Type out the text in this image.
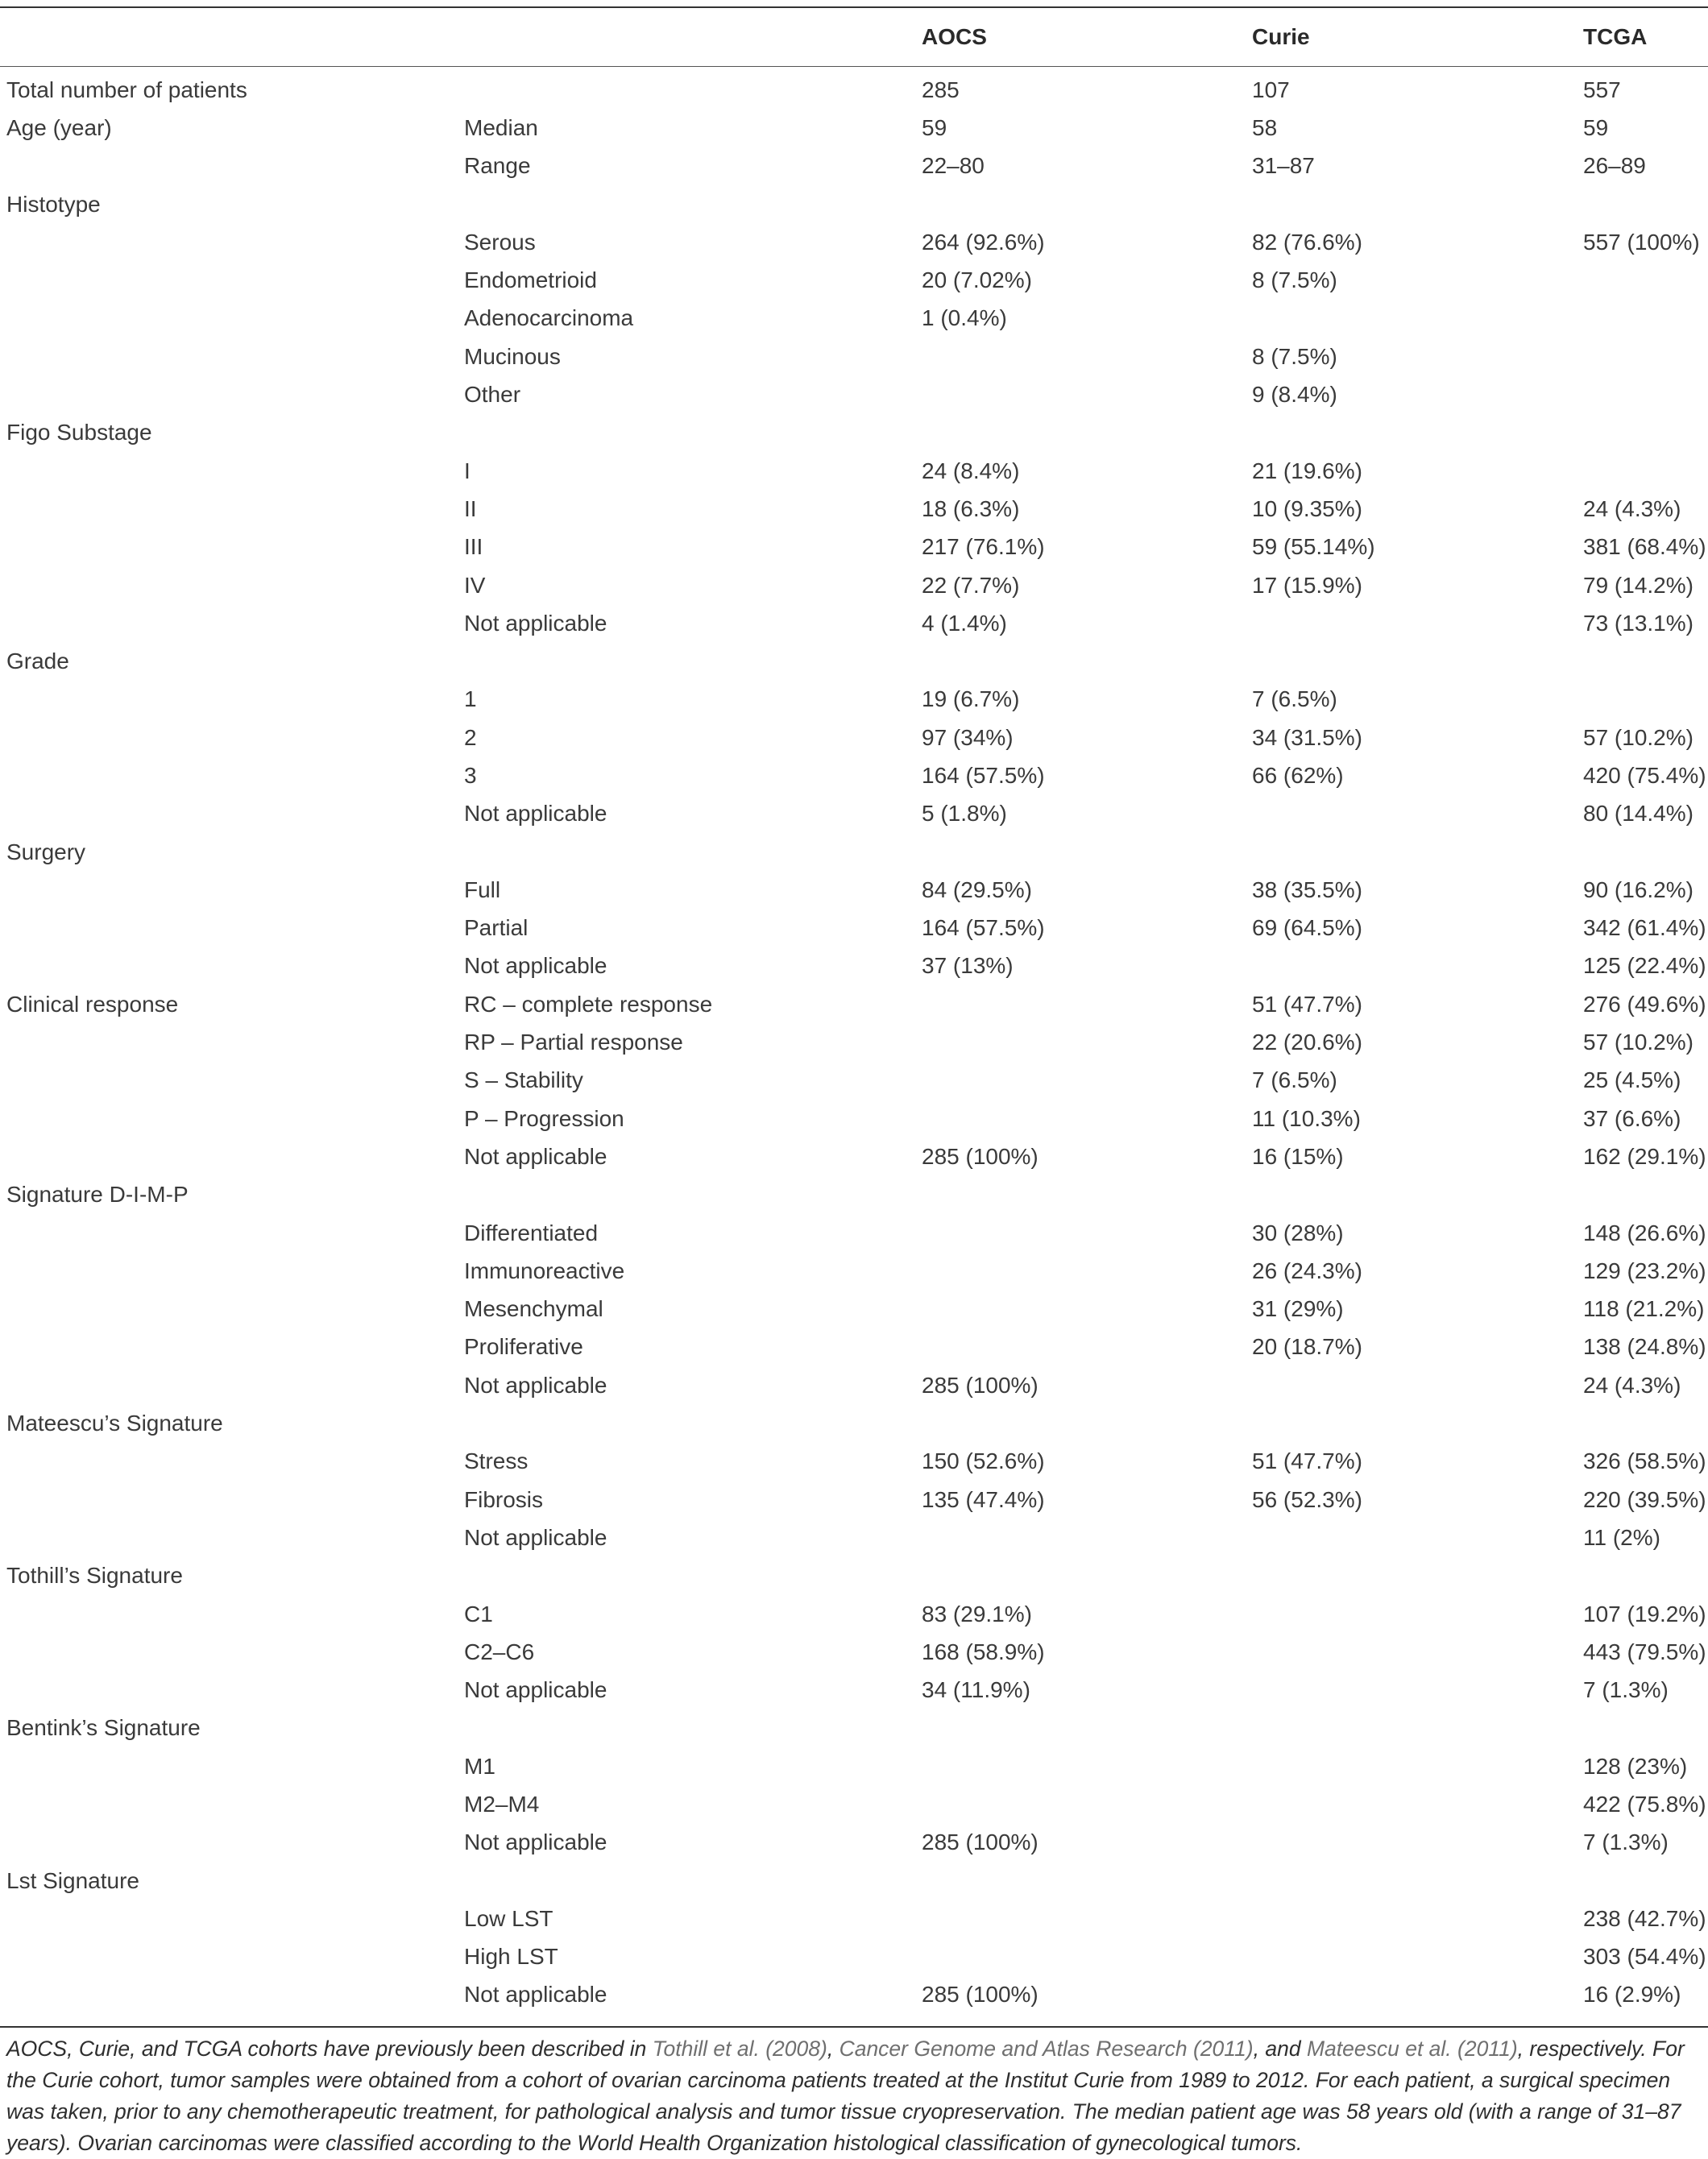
		AOCS	Curie	TCGA

Total number of patients		285	107	557
Age (year)	Median	59	58	59
	Range	22–80	31–87	26–89
Histotype				
	Serous	264 (92.6%)	82 (76.6%)	557 (100%)
	Endometrioid	20 (7.02%)	8 (7.5%)	
	Adenocarcinoma	1 (0.4%)		
	Mucinous		8 (7.5%)	
	Other		9 (8.4%)	
Figo Substage				
	I	24 (8.4%)	21 (19.6%)	
	II	18 (6.3%)	10 (9.35%)	24 (4.3%)
	III	217 (76.1%)	59 (55.14%)	381 (68.4%)
	IV	22 (7.7%)	17 (15.9%)	79 (14.2%)
	Not applicable	4 (1.4%)		73 (13.1%)
Grade				
	1	19 (6.7%)	7 (6.5%)	
	2	97 (34%)	34 (31.5%)	57 (10.2%)
	3	164 (57.5%)	66 (62%)	420 (75.4%)
	Not applicable	5 (1.8%)		80 (14.4%)
Surgery				
	Full	84 (29.5%)	38 (35.5%)	90 (16.2%)
	Partial	164 (57.5%)	69 (64.5%)	342 (61.4%)
	Not applicable	37 (13%)		125 (22.4%)
Clinical response	RC – complete response		51 (47.7%)	276 (49.6%)
	RP – Partial response		22 (20.6%)	57 (10.2%)
	S – Stability		7 (6.5%)	25 (4.5%)
	P – Progression		11 (10.3%)	37 (6.6%)
	Not applicable	285 (100%)	16 (15%)	162 (29.1%)
Signature D-I-M-P				
	Differentiated		30 (28%)	148 (26.6%)
	Immunoreactive		26 (24.3%)	129 (23.2%)
	Mesenchymal		31 (29%)	118 (21.2%)
	Proliferative		20 (18.7%)	138 (24.8%)
	Not applicable	285 (100%)		24 (4.3%)
Mateescu’s Signature				
	Stress	150 (52.6%)	51 (47.7%)	326 (58.5%)
	Fibrosis	135 (47.4%)	56 (52.3%)	220 (39.5%)
	Not applicable			11 (2%)
Tothill’s Signature				
	C1	83 (29.1%)		107 (19.2%)
	C2–C6	168 (58.9%)		443 (79.5%)
	Not applicable	34 (11.9%)		7 (1.3%)
Bentink’s Signature				
	M1			128 (23%)
	M2–M4			422 (75.8%)
	Not applicable	285 (100%)		7 (1.3%)
Lst Signature				
	Low LST			238 (42.7%)
	High LST			303 (54.4%)
	Not applicable	285 (100%)		16 (2.9%)
AOCS, Curie, and TCGA cohorts have previously been described in Tothill et al. (2008), Cancer Genome and Atlas Research (2011), and Mateescu et al. (2011), respectively. For the Curie cohort, tumor samples were obtained from a cohort of ovarian carcinoma patients treated at the Institut Curie from 1989 to 2012. For each patient, a surgical specimen was taken, prior to any chemotherapeutic treatment, for pathological analysis and tumor tissue cryopreservation. The median patient age was 58 years old (with a range of 31–87 years). Ovarian carcinomas were classified according to the World Health Organization histological classification of gynecological tumors.
